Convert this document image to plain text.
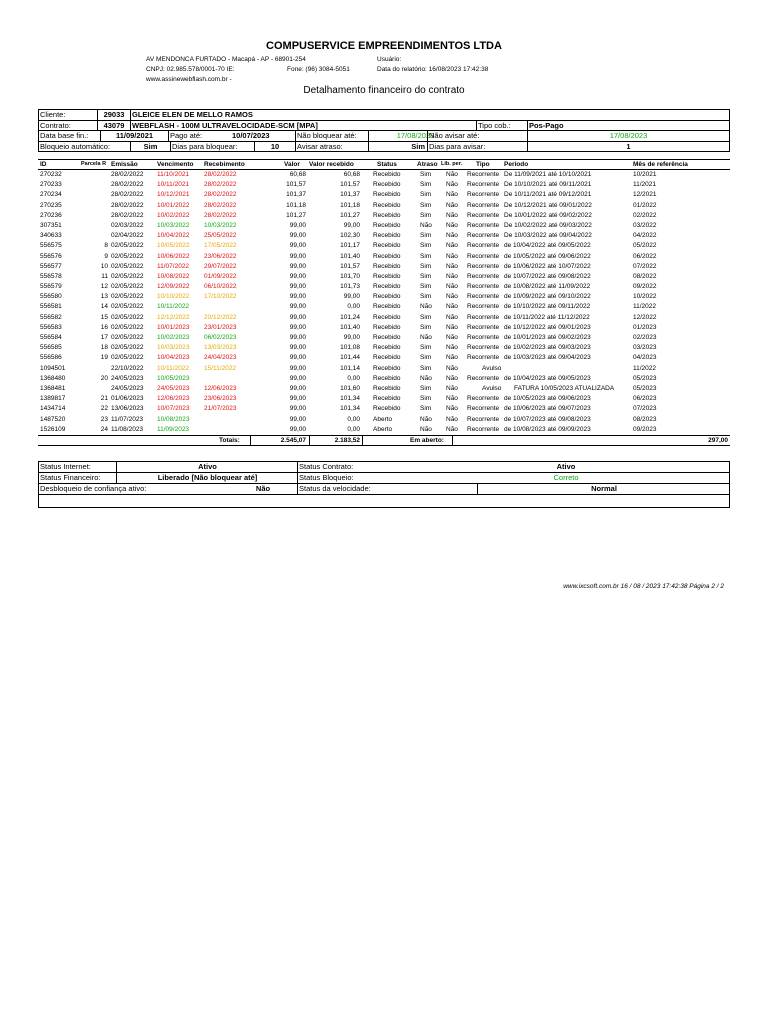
COMPUSERVICE EMPREENDIMENTOS LTDA
AV MENDONCA FURTADO - Macapá - AP - 68901-254
CNPJ: 02.985.578/0001-70 IE:
www.assinewebflash.com.br -
Fone: (96) 3084-5051
Usuário:
Data do relatório: 16/08/2023 17:42:38
Detalhamento financeiro do contrato
Cliente:	29033	GLEICE ELEN DE MELLO RAMOS
Contrato:	43079	WEBFLASH - 100M ULTRAVELOCIDADE-SCM [MPA]	Tipo cob.:	Pos-Pago
Data base fin.:	11/09/2021	Pago até:	10/07/2023	Não bloquear até:	17/08/2023
Não avisar até:	17/08/2023
Bloqueio automático:	Sim	Dias para bloquear:	10	Avisar atraso:	Sim Dias para avisar:	1
ID	Parcela R Emissão	Vencimento Recebimento	Valor Valor recebido	Status	Atraso Lib. per. Tipo Período	Mês de referência
270232	28/02/2022 11/10/2021 28/02/2022	60,68	60,68 Recebido	Sim Não Recorrente De 11/09/2021 até 10/10/2021	10/2021
270233	28/02/2022 10/11/2021 28/02/2022	101,57	101,57 Recebido	Sim Não Recorrente De 10/10/2021 até 09/11/2021	11/2021
270234	28/02/2022 10/12/2021 28/02/2022	101,37	101,37 Recebido	Sim Não Recorrente De 10/11/2021 até 09/12/2021	12/2021
270235	28/02/2022 10/01/2022 28/02/2022	101,18	101,18 Recebido	Sim Não Recorrente De 10/12/2021 até 09/01/2022	01/2022
270236	28/02/2022 10/02/2022 28/02/2022	101,27	101,27 Recebido	Sim Não Recorrente De 10/01/2022 até 09/02/2022	02/2022
307351	02/03/2022 10/03/2022 10/03/2022	99,00	99,00 Recebido	Não Não Recorrente De 10/02/2022 até 09/03/2022	03/2022
340633	02/04/2022 10/04/2022 25/05/2022	99,00	102,30 Recebido	Sim Não Recorrente De 10/03/2022 até 09/04/2022	04/2022
556575	8 02/05/2022 10/05/2022 17/05/2022	99,00	101,17 Recebido	Sim Não Recorrente de 10/04/2022 até 09/05/2022	05/2022
556576	9 02/05/2022 10/06/2022 23/06/2022	99,00	101,40 Recebido	Sim Não Recorrente de 10/05/2022 até 09/06/2022	06/2022
556577	10 02/05/2022 11/07/2022 29/07/2022	99,00	101,57 Recebido	Sim Não Recorrente de 10/06/2022 até 10/07/2022	07/2022
556578	11 02/05/2022 10/08/2022 01/09/2022	99,00	101,70 Recebido	Sim Não Recorrente de 10/07/2022 até 09/08/2022	08/2022
556579	12 02/05/2022 12/09/2022 06/10/2022	99,00	101,73 Recebido	Sim Não Recorrente de 10/08/2022 até 11/09/2022	09/2022
556580	13 02/05/2022 10/10/2022 17/10/2022	99,00	99,00 Recebido	Sim Não Recorrente de 10/09/2022 até 09/10/2022	10/2022
556581	14 02/05/2022 10/11/2022	99,00	0,00 Recebido	Não Não Recorrente de 10/10/2022 até 09/11/2022	11/2022
556582	15 02/05/2022 12/12/2022 20/12/2022	99,00	101,24 Recebido	Sim Não Recorrente de 10/11/2022 até 11/12/2022	12/2022
556583	16 02/05/2022 10/01/2023 23/01/2023	99,00	101,40 Recebido	Sim Não Recorrente de 10/12/2022 até 09/01/2023	01/2023
556584	17 02/05/2022 10/02/2023 06/02/2023	99,00	99,00 Recebido	Não Não Recorrente de 10/01/2023 até 09/02/2023	02/2023
556585	18 02/05/2022 10/03/2023 13/03/2023	99,00	101,08 Recebido	Sim Não Recorrente de 10/02/2023 até 09/03/2023	03/2023
556586	19 02/05/2022 10/04/2023 24/04/2023	99,00	101,44 Recebido	Sim Não Recorrente de 10/03/2023 até 09/04/2023	04/2023
1094501	22/10/2022 10/11/2022 15/11/2022	99,00	101,14 Recebido	Sim Não	Avulso	11/2022
1368480	20 24/05/2023 10/05/2023	99,00	0,00 Recebido	Não Não Recorrente de 10/04/2023 até 09/05/2023	05/2023
1368481	24/05/2023 24/05/2023 12/06/2023	99,00	101,60 Recebido	Sim Não	Avulso FATURA 10/05/2023 ATUALIZADA	05/2023
1389817	21 01/06/2023 12/06/2023 23/06/2023	99,00	101,34 Recebido	Sim Não Recorrente de 10/05/2023 até 09/06/2023	06/2023
1434714	22 13/06/2023 10/07/2023 21/07/2023	99,00	101,34 Recebido	Sim Não Recorrente de 10/06/2023 até 09/07/2023	07/2023
1487520	23 11/07/2023 10/08/2023	99,00	0,00 Aberto	Não Não Recorrente de 10/07/2023 até 09/08/2023	08/2023
1526109	24 11/08/2023 11/09/2023	99,00	0,00 Aberto	Não Não Recorrente de 10/08/2023 até 09/09/2023	09/2023
Totais:	2.545,07	2.183,52	Em aberto:	297,00
Status Internet:	Ativo	Status Contrato:	Ativo
Status Financeiro:	Liberado [Não bloquear até]	Status Bloqueio:	Correto
Desbloqueio de confiança ativo:	Não	Status da velocidade:	Normal
www.ixcsoft.com.br 16 / 08 / 2023 17:42:38 Página 2 / 2
